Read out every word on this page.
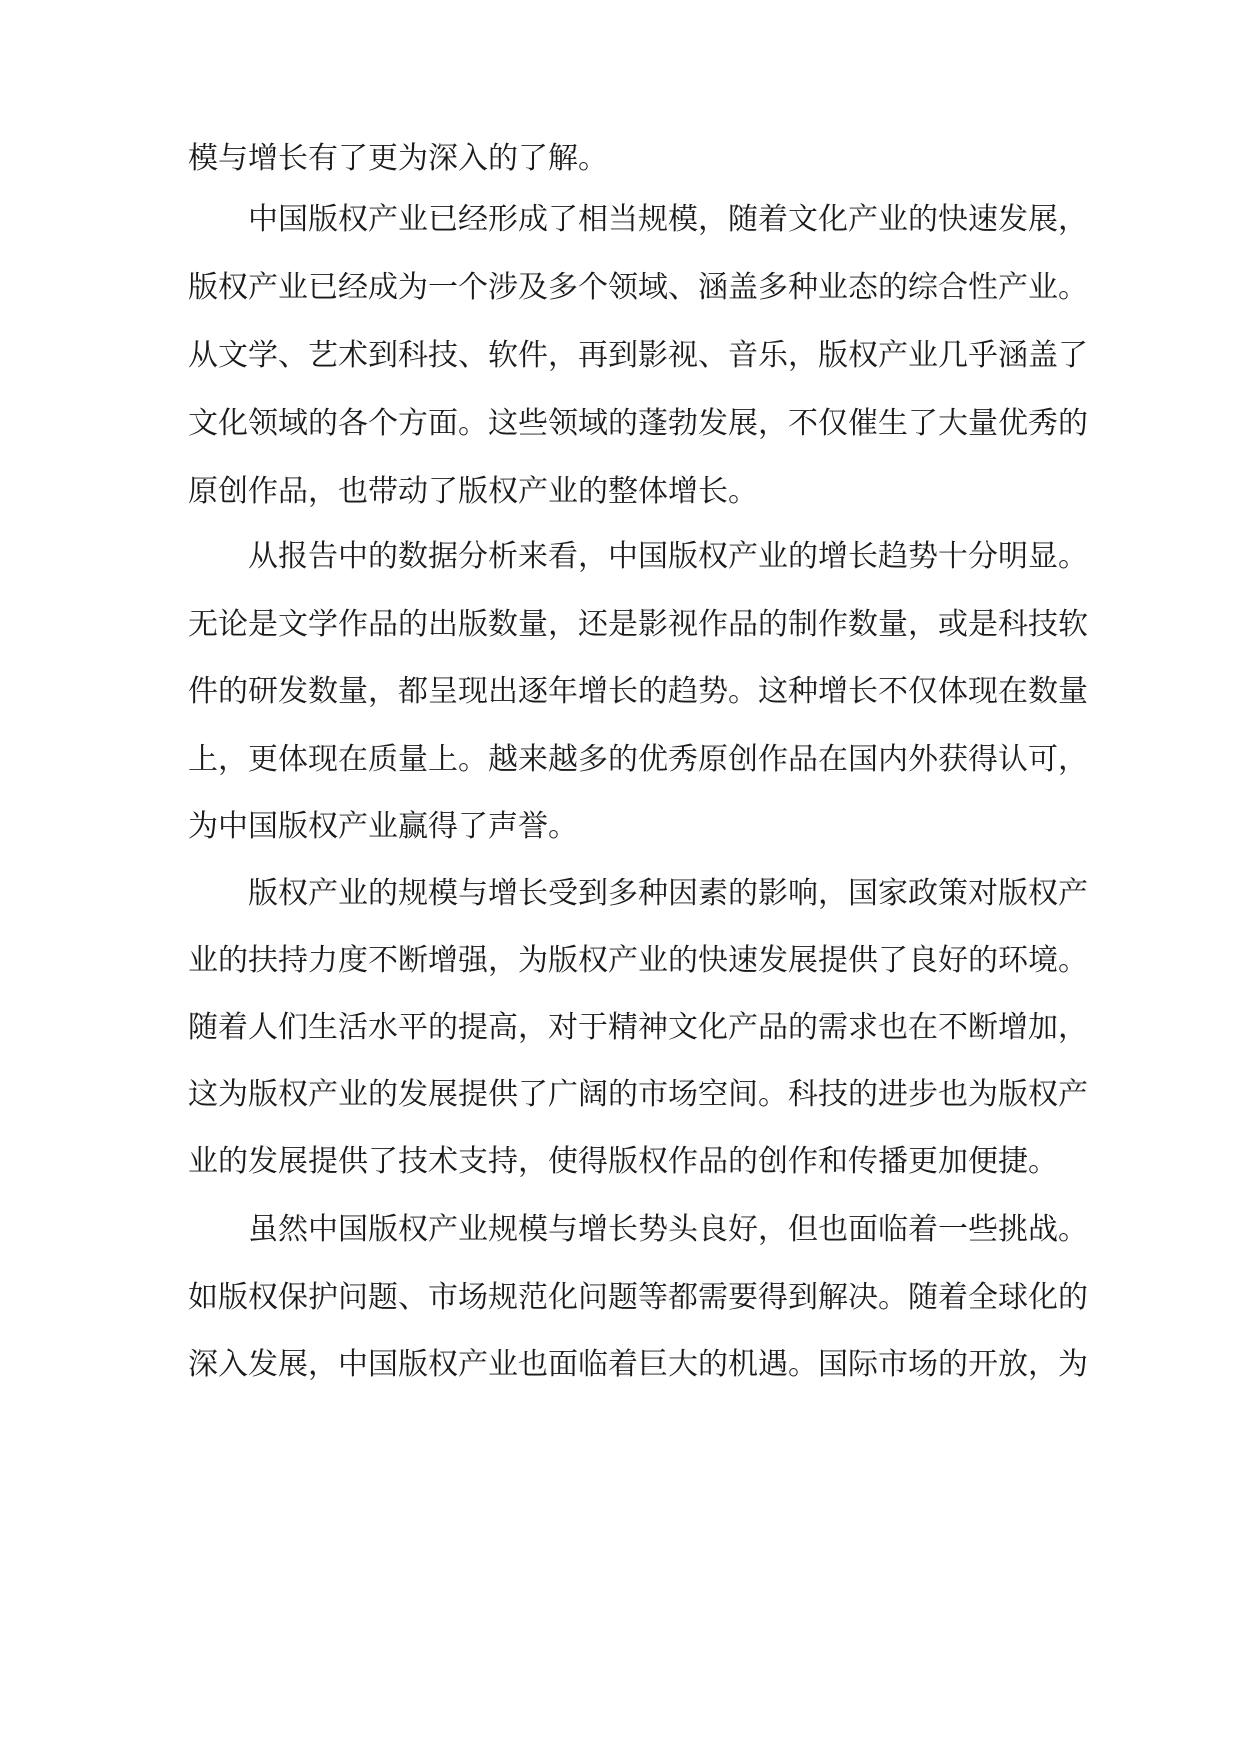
模与增长有了更为深入的了解。

中国版权产业已经形成了相当规模，随着文化产业的快速发展，

版权产业已经成为一个涉及多个领域、涵盖多种业态的综合性产业。

从文学、艺术到科技、软件，再到影视、音乐，版权产业几乎涵盖了

文化领域的各个方面。这些领域的蓬勃发展，不仅催生了大量优秀的

原创作品，也带动了版权产业的整体增长。

从报告中的数据分析来看，中国版权产业的增长趋势十分明显。

无论是文学作品的出版数量，还是影视作品的制作数量，或是科技软

件的研发数量，都呈现出逐年增长的趋势。这种增长不仅体现在数量

上，更体现在质量上。越来越多的优秀原创作品在国内外获得认可，

为中国版权产业赢得了声誉。

版权产业的规模与增长受到多种因素的影响，国家政策对版权产

业的扶持力度不断增强，为版权产业的快速发展提供了良好的环境。

随着人们生活水平的提高，对于精神文化产品的需求也在不断增加，

这为版权产业的发展提供了广阔的市场空间。科技的进步也为版权产

业的发展提供了技术支持，使得版权作品的创作和传播更加便捷。

虽然中国版权产业规模与增长势头良好，但也面临着一些挑战。

如版权保护问题、市场规范化问题等都需要得到解决。随着全球化的

深入发展，中国版权产业也面临着巨大的机遇。国际市场的开放，为
